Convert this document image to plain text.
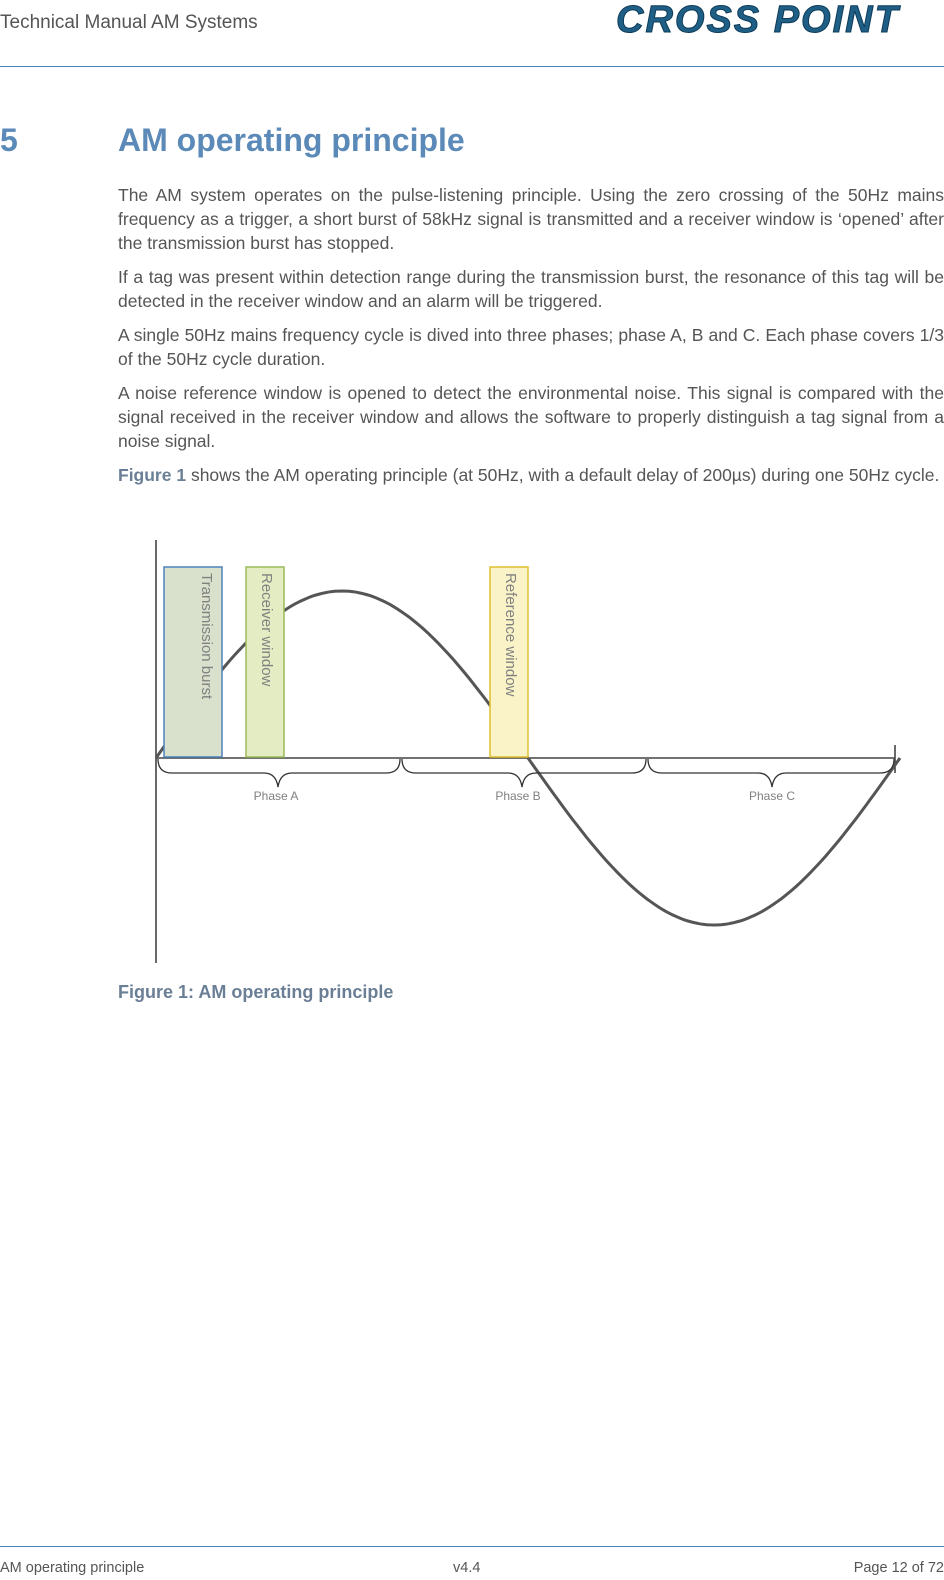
Technical Manual AM Systems	CROSS POINT
5	AM operating principle

The AM system operates on the pulse-listening principle. Using the zero crossing of the 50Hz mains frequency as a trigger, a short burst of 58kHz signal is transmitted and a receiver window is ‘opened’ after the transmission burst has stopped.

If a tag was present within detection range during the transmission burst, the resonance of this tag will be detected in the receiver window and an alarm will be triggered.

A single 50Hz mains frequency cycle is dived into three phases; phase A, B and C. Each phase covers 1/3 of the 50Hz cycle duration.

A noise reference window is opened to detect the environmental noise. This signal is compared with the signal received in the receiver window and allows the software to properly distinguish a tag signal from a noise signal.

Figure 1 shows the AM operating principle (at 50Hz, with a default delay of 200µs) during one 50Hz cycle.

Transmission burst	Receiver window	Reference window
Phase A	Phase B	Phase C
Figure 1: AM operating principle
AM operating principle	v4.4	Page 12 of 72
